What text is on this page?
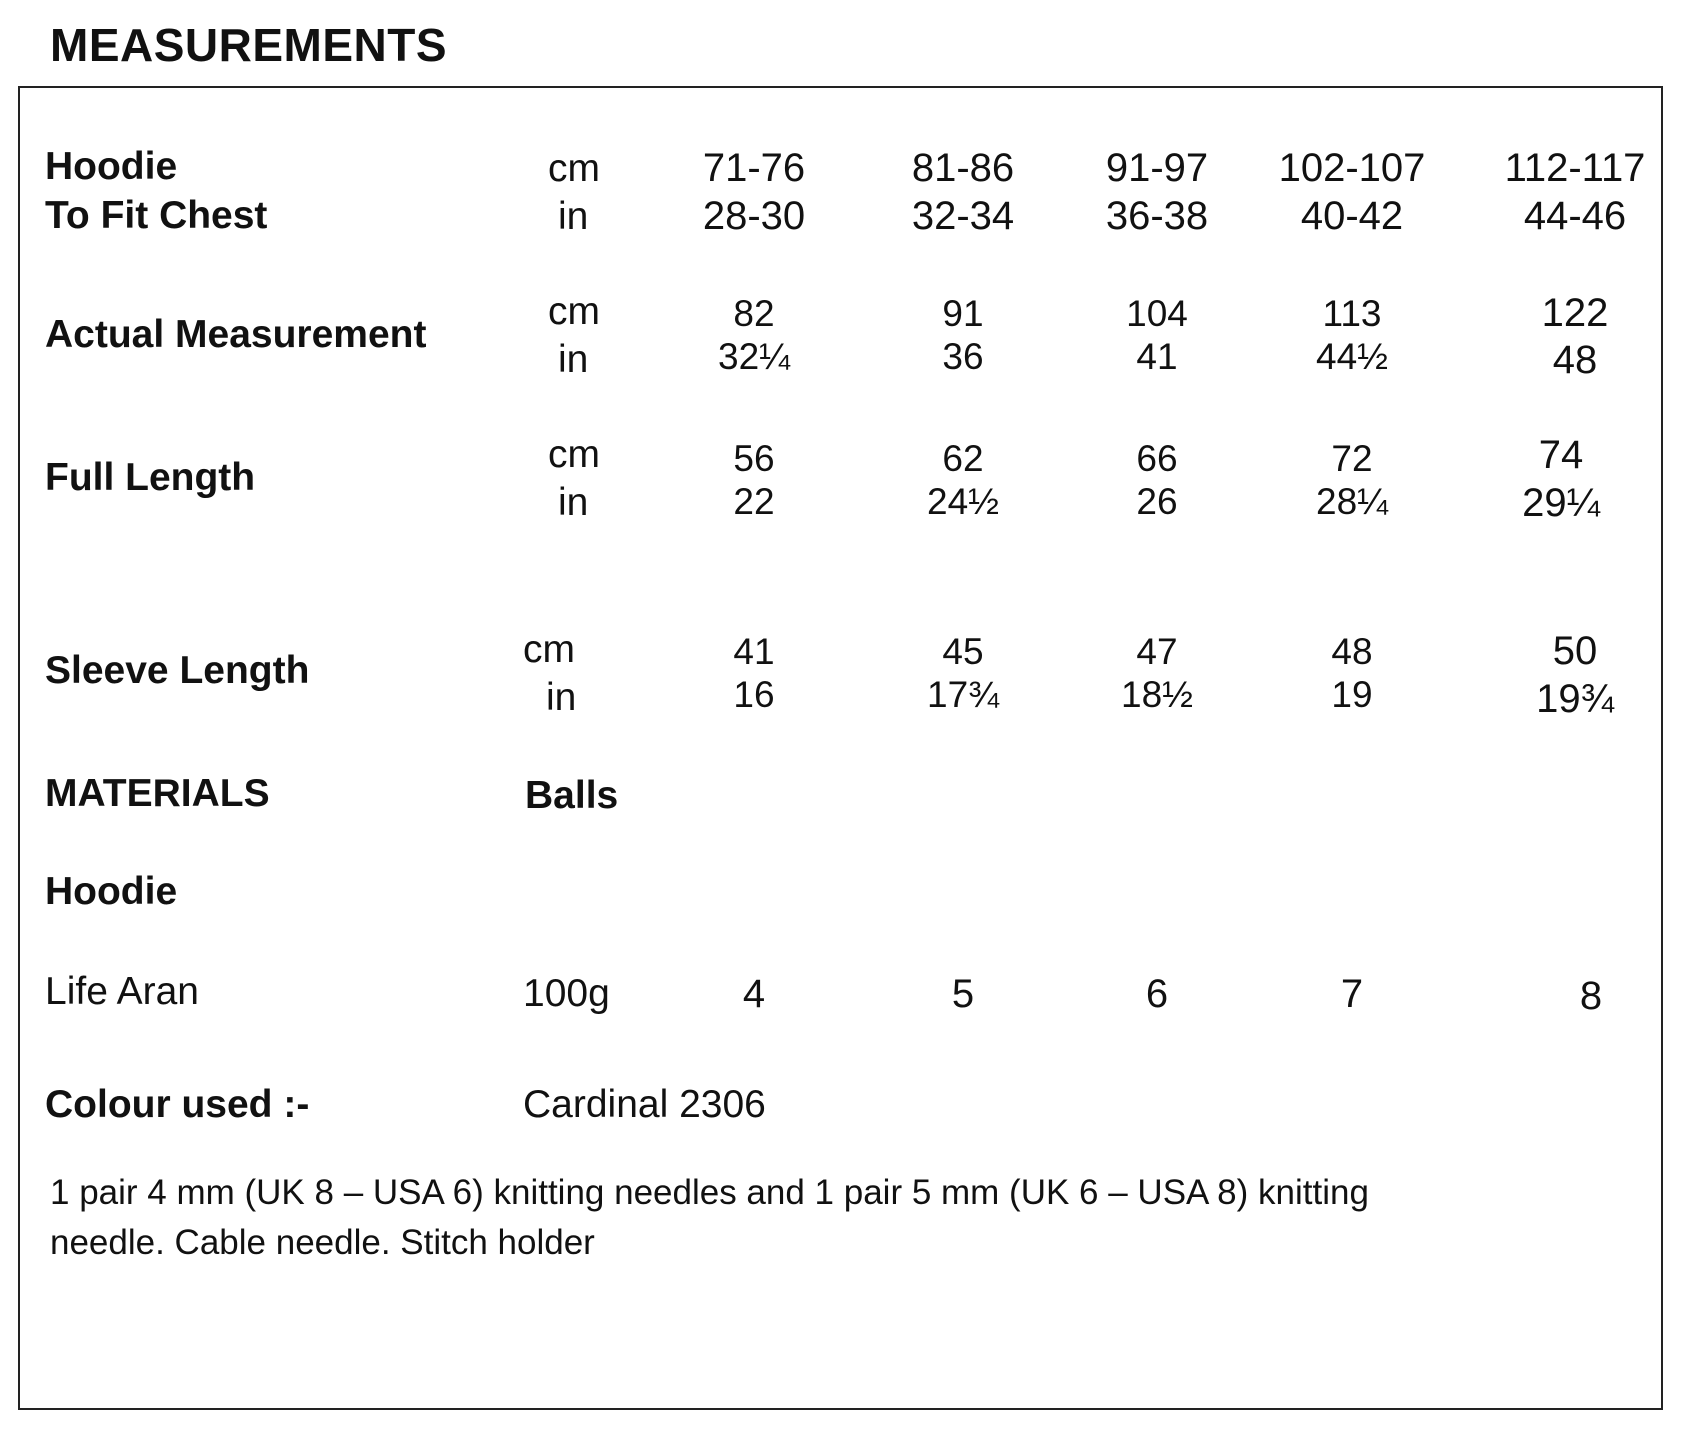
MEASUREMENTS
Hoodie
To Fit Chest
cm
in
71-76	81-86 91-97 102-107 112-117
28-30	32-34 36-38 40-42	44-46
Actual Measurement
cm
in
82	91	104	113	122
32¼	36	41	44½	48
Full Length
cm
in
56	62	66	72	74
22	24½	26	28¼	29¼
Sleeve Length	cm
in
41	45	47	48	50
16	17¾	18½	19	19¾
MATERIALS	Balls
Hoodie
Life Aran	100g	4	5	6	7	8
Colour used :-	Cardinal 2306
1 pair 4 mm (UK 8 – USA 6) knitting needles and 1 pair 5 mm (UK 6 – USA 8) knitting
needle. Cable needle. Stitch holder
